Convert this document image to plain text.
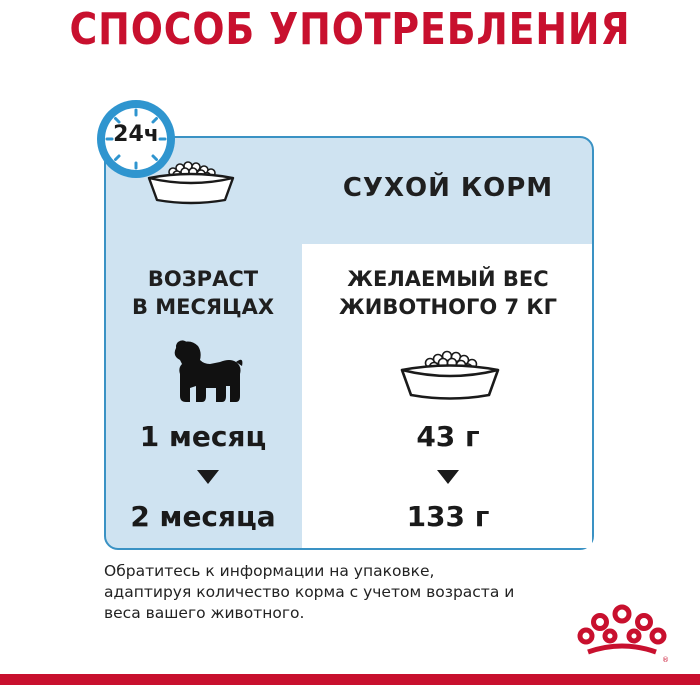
СПОСОБ УПОТРЕБЛЕНИЯ
24ч
СУХОЙ КОРМ
ВОЗРАСТ
В МЕСЯЦАХ
ЖЕЛАЕМЫЙ ВЕС
ЖИВОТНОГО 7 КГ
1 месяц
2 месяца
43 г
133 г
Обратитесь к информации на упаковке, адаптируя количество корма с учетом возраста и веса вашего животного.
®
